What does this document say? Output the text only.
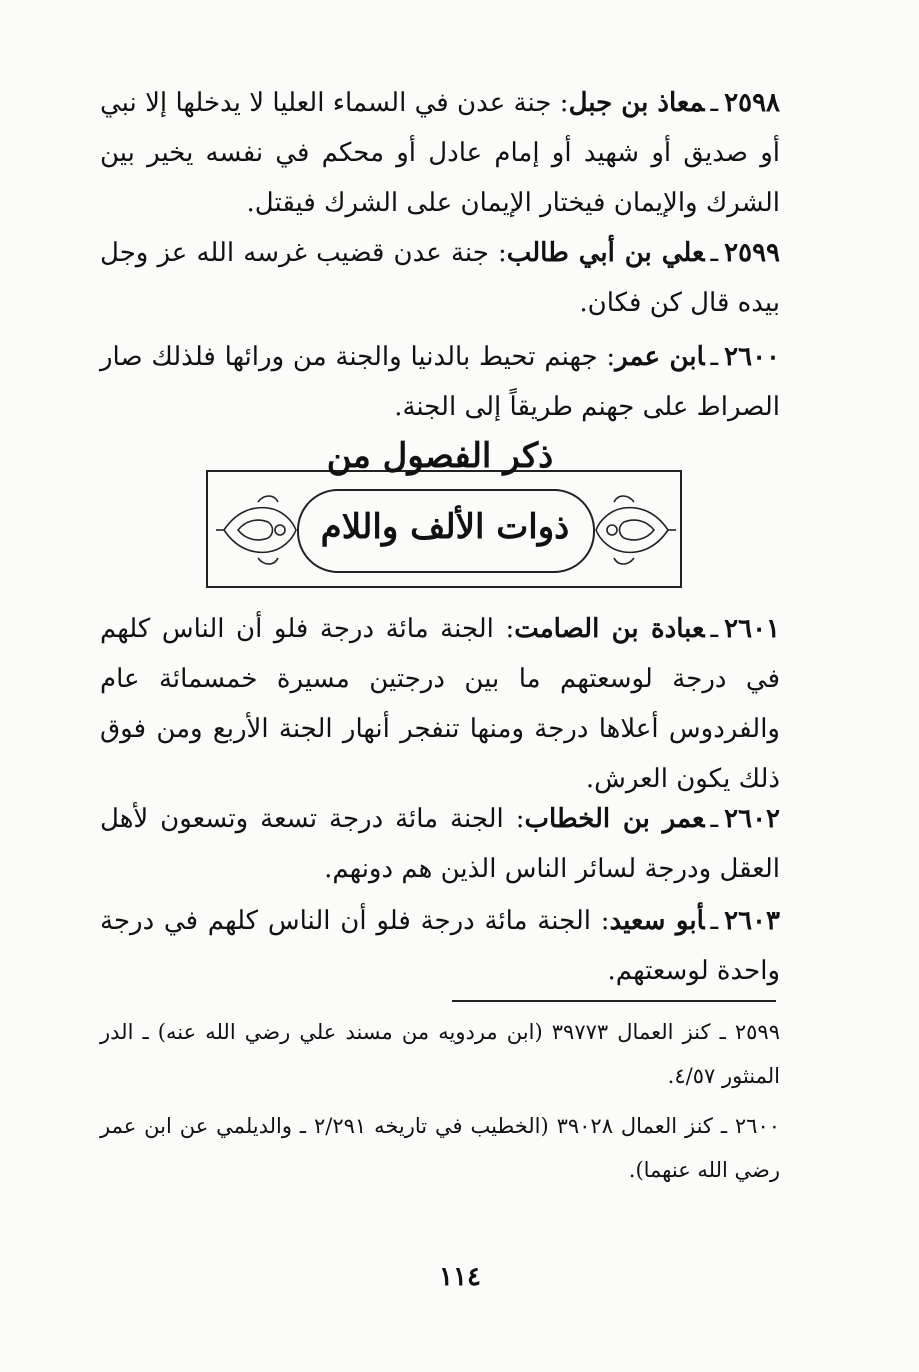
٢٥٩٨ـمعاذ بن جبل: جنة عدن في السماء العليا لا يدخلها إلا نبي أو صديق أو شهيد أو إمام عادل أو محكم في نفسه يخير بين الشرك والإيمان فيختار الإيمان على الشرك فيقتل.
٢٥٩٩ـعلي بن أبي طالب: جنة عدن قضيب غرسه الله عز وجل بيده قال كن فكان.
٢٦٠٠ـابن عمر: جهنم تحيط بالدنيا والجنة من ورائها فلذلك صار الصراط على جهنم طريقاً إلى الجنة.
ذكر الفصول من
ذوات الألف واللام
٢٦٠١ـعبادة بن الصامت: الجنة مائة درجة فلو أن الناس كلهم في درجة لوسعتهم ما بين درجتين مسيرة خمسمائة عام والفردوس أعلاها درجة ومنها تنفجر أنهار الجنة الأربع ومن فوق ذلك يكون العرش.
٢٦٠٢ـعمر بن الخطاب: الجنة مائة درجة تسعة وتسعون لأهل العقل ودرجة لسائر الناس الذين هم دونهم.
٢٦٠٣ـأبو سعيد: الجنة مائة درجة فلو أن الناس كلهم في درجة واحدة لوسعتهم.
٢٥٩٩ ـ كنز العمال ٣٩٧٧٣ (ابن مردويه من مسند علي رضي الله عنه) ـ الدر المنثور ٤/٥٧.
٢٦٠٠ ـ كنز العمال ٣٩٠٢٨ (الخطيب في تاريخه ٢/٢٩١ ـ والديلمي عن ابن عمر رضي الله عنهما).
١١٤
